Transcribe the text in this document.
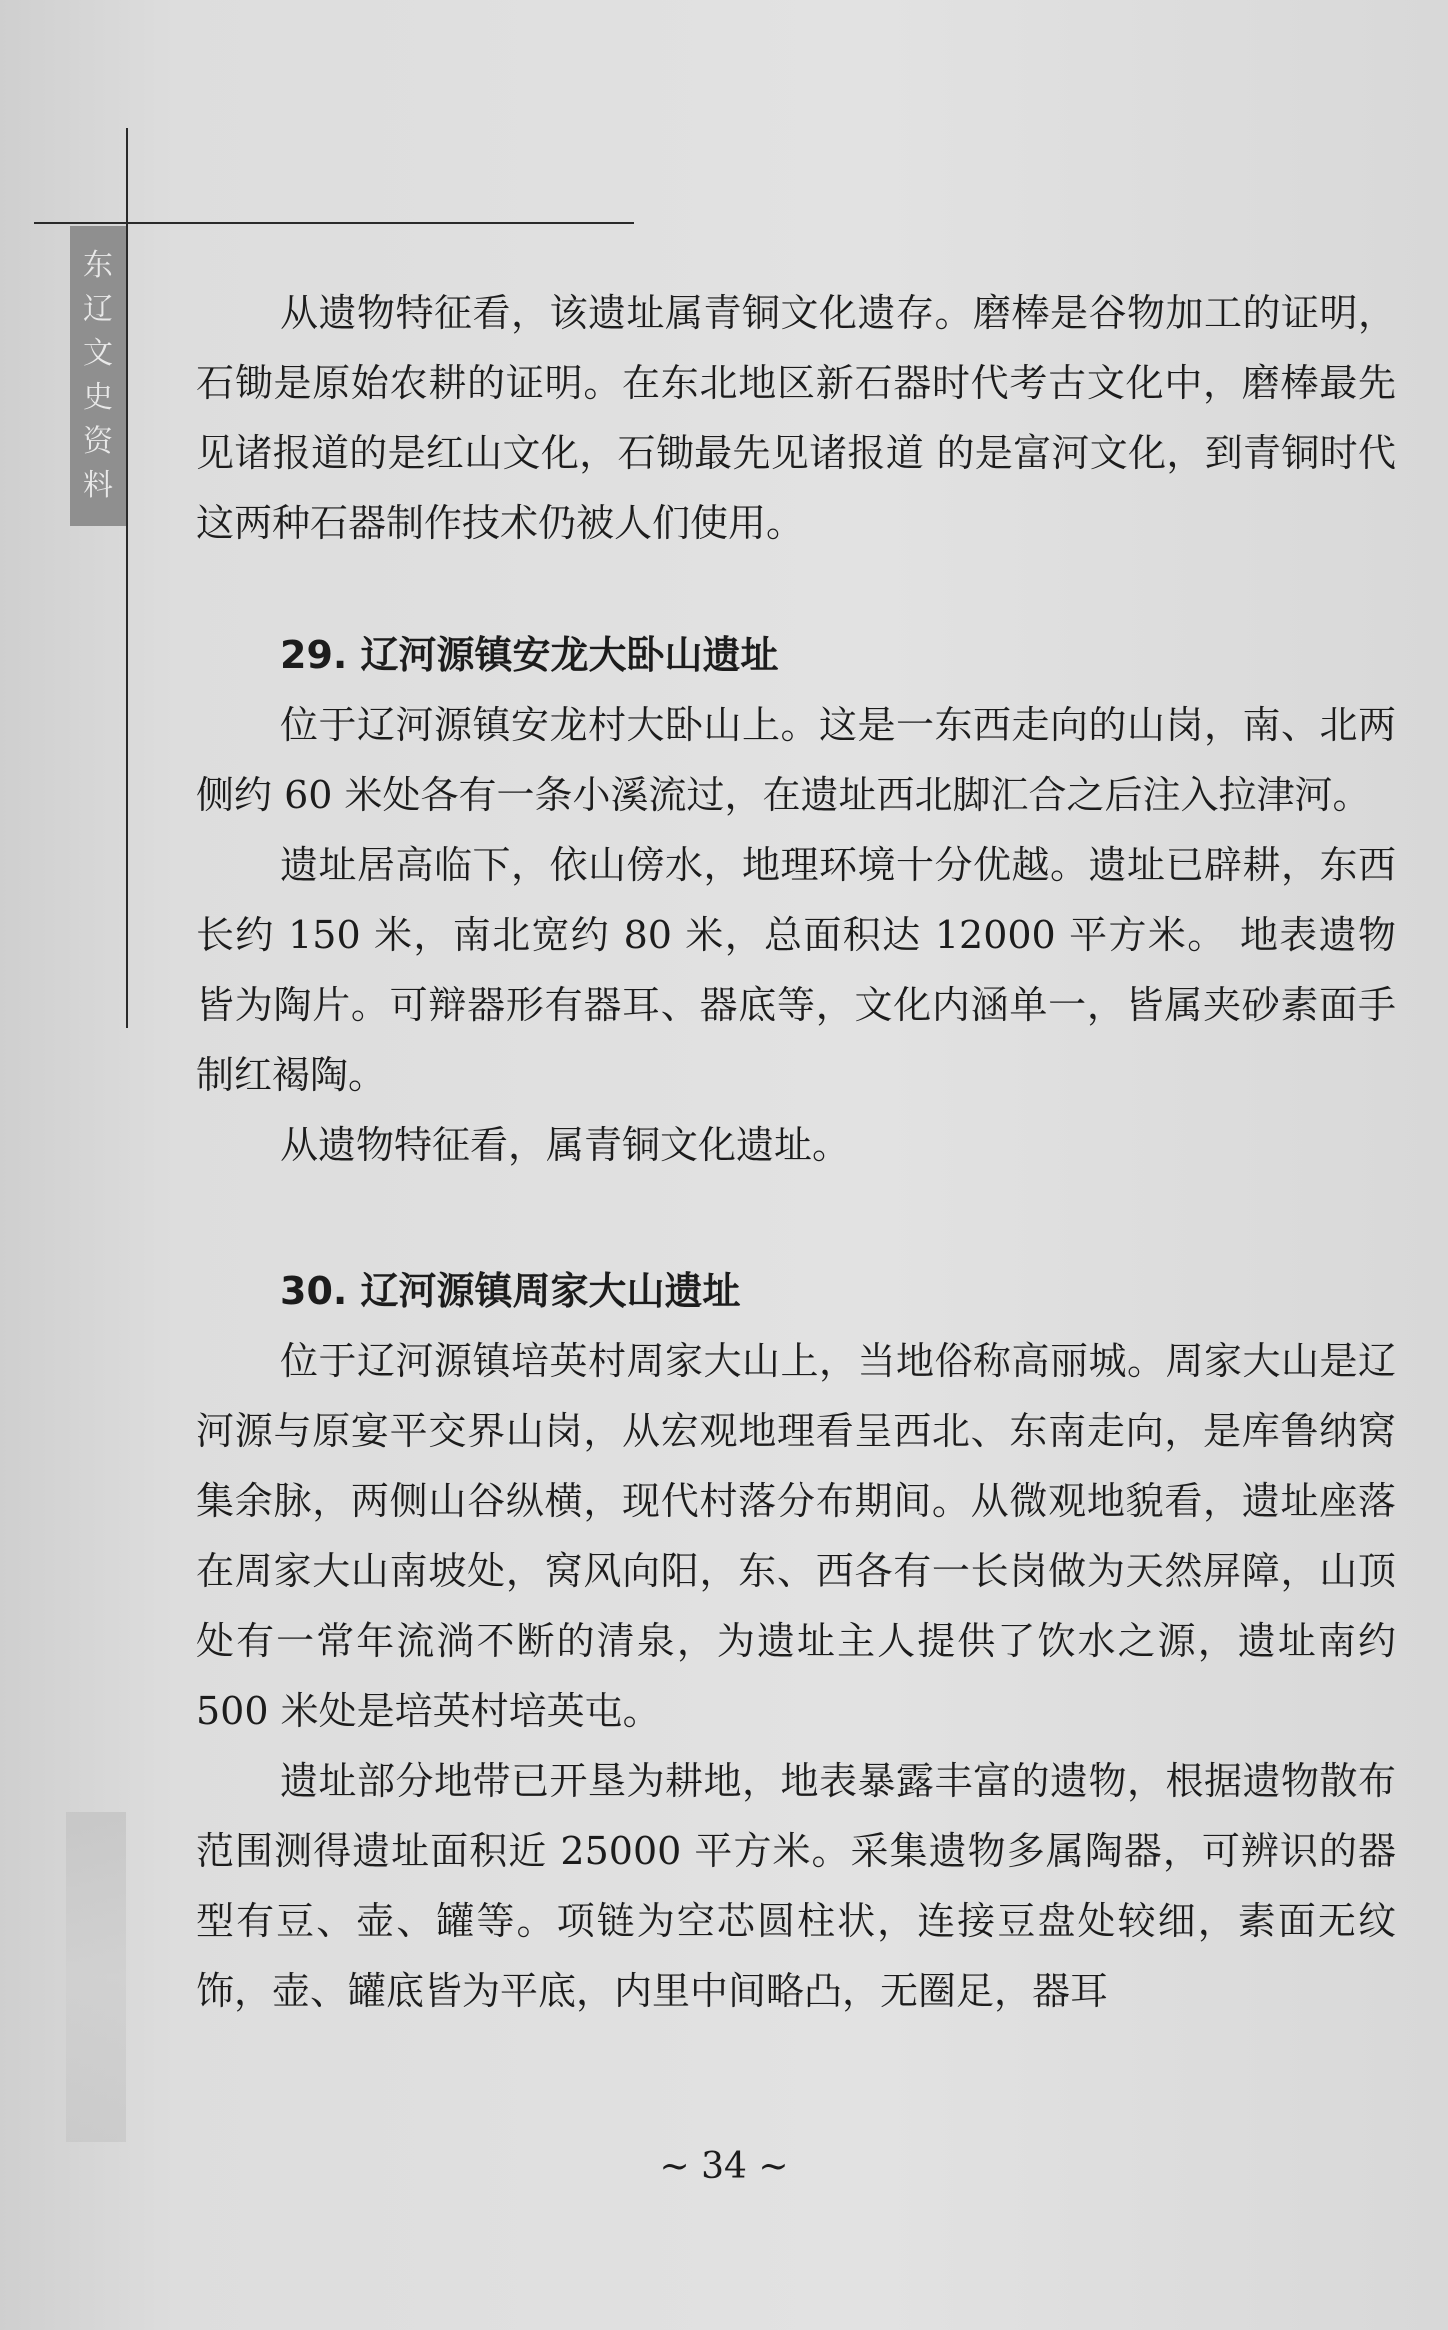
东
辽
文
史
资
料

从遗物特征看，该遗址属青铜文化遗存。磨棒是谷物加工的证明，石锄是原始农耕的证明。在东北地区新石器时代考古文化中，磨棒最先见诸报道的是红山文化，石锄最先见诸报道 的是富河文化，到青铜时代这两种石器制作技术仍被人们使用。

29. 辽河源镇安龙大卧山遗址

位于辽河源镇安龙村大卧山上。这是一东西走向的山岗，南、北两侧约 60 米处各有一条小溪流过，在遗址西北脚汇合之后注入拉津河。

遗址居高临下，依山傍水，地理环境十分优越。遗址已辟耕，东西长约 150 米，南北宽约 80 米，总面积达 12000 平方米。 地表遗物皆为陶片。可辩器形有器耳、器底等，文化内涵单一，皆属夹砂素面手制红褐陶。

从遗物特征看，属青铜文化遗址。

30. 辽河源镇周家大山遗址

位于辽河源镇培英村周家大山上，当地俗称高丽城。周家大山是辽河源与原宴平交界山岗，从宏观地理看呈西北、东南走向，是库鲁纳窝集余脉，两侧山谷纵横，现代村落分布期间。从微观地貌看，遗址座落在周家大山南坡处，窝风向阳，东、西各有一长岗做为天然屏障，山顶处有一常年流淌不断的清泉，为遗址主人提供了饮水之源，遗址南约 500 米处是培英村培英屯。

遗址部分地带已开垦为耕地，地表暴露丰富的遗物，根据遗物散布范围测得遗址面积近 25000 平方米。采集遗物多属陶器，可辨识的器型有豆、壶、罐等。项链为空芯圆柱状，连接豆盘处较细，素面无纹饰，壶、罐底皆为平底，内里中间略凸，无圈足，器耳

~ 34 ~
